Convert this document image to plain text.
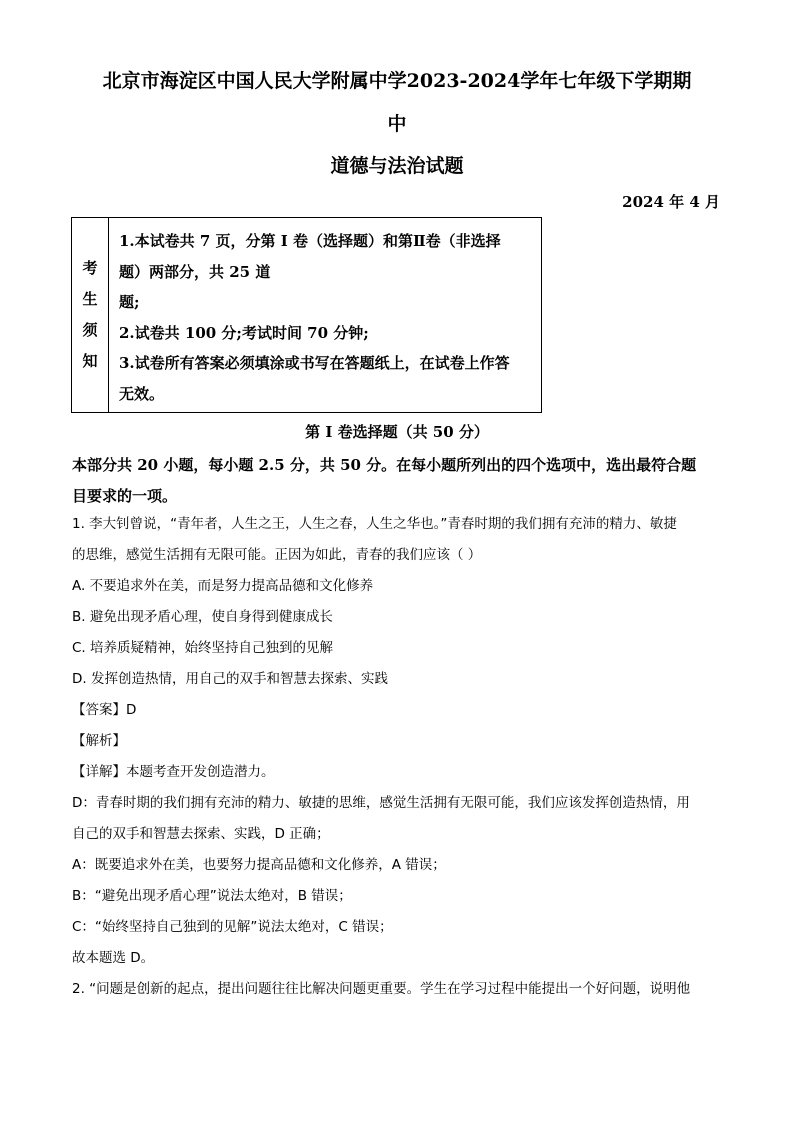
北京市海淀区中国人民大学附属中学2023-2024学年七年级下学期期
中
道德与法治试题
2024 年 4 月
考
生
须
知
1.本试卷共 7 页，分第 I 卷（选择题）和第Ⅱ卷（非选择
题）两部分，共 25 道
题;
2.试卷共 100 分;考试时间 70 分钟;
3.试卷所有答案必须填涂或书写在答题纸上，在试卷上作答
无效。
第 I 卷选择题（共 50 分）
本部分共 20 小题，每小题 2.5 分，共 50 分。在每小题所列出的四个选项中，选出最符合题
目要求的一项。
1. 李大钊曾说，“青年者，人生之王，人生之春，人生之华也。”青春时期的我们拥有充沛的精力、敏捷
的思维，感觉生活拥有无限可能。正因为如此，青春的我们应该（ ）
A. 不要追求外在美，而是努力提高品德和文化修养
B. 避免出现矛盾心理，使自身得到健康成长
C. 培养质疑精神，始终坚持自己独到的见解
D. 发挥创造热情，用自己的双手和智慧去探索、实践
【答案】D
【解析】
【详解】本题考查开发创造潜力。
D：青春时期的我们拥有充沛的精力、敏捷的思维，感觉生活拥有无限可能，我们应该发挥创造热情，用
自己的双手和智慧去探索、实践，D 正确；
A：既要追求外在美，也要努力提高品德和文化修养，A 错误；
B：“避免出现矛盾心理”说法太绝对，B 错误；
C：“始终坚持自己独到的见解”说法太绝对，C 错误；
故本题选 D。
2. “问题是创新的起点，提出问题往往比解决问题更重要。学生在学习过程中能提出一个好问题，说明他
